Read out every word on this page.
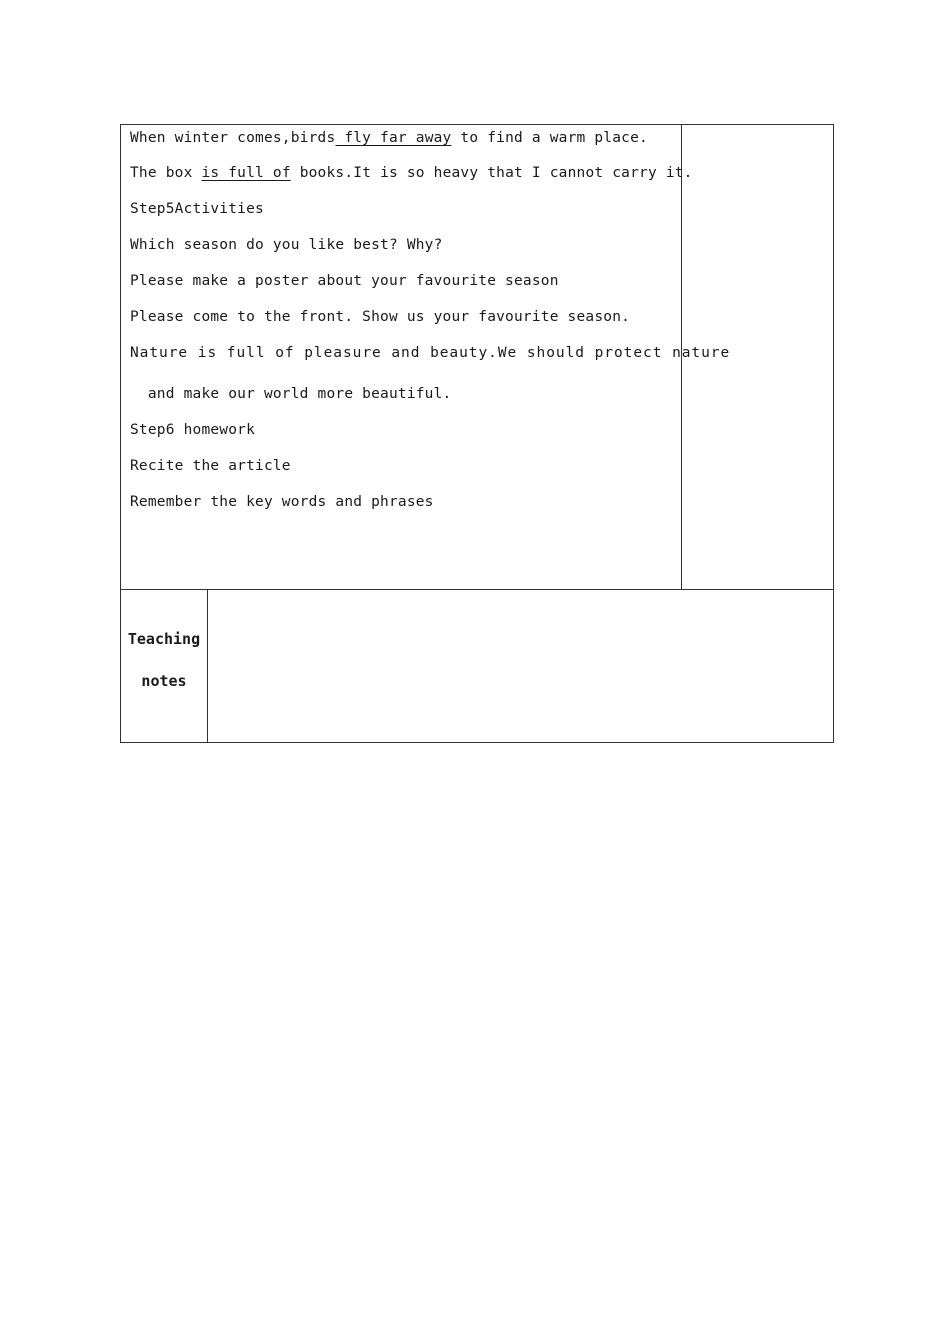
When winter comes,birds fly far away to find a warm place.
The box is full of books.It is so heavy that I cannot carry it.
Step5Activities
Which season do you like best? Why?
Please make a poster about your favourite season
Please come to the front. Show us your favourite season.
Nature is full of pleasure and beauty.We should protect nature
and make our world more beautiful.
Step6 homework
Recite the article
Remember the key words and phrases
Teaching
notes
